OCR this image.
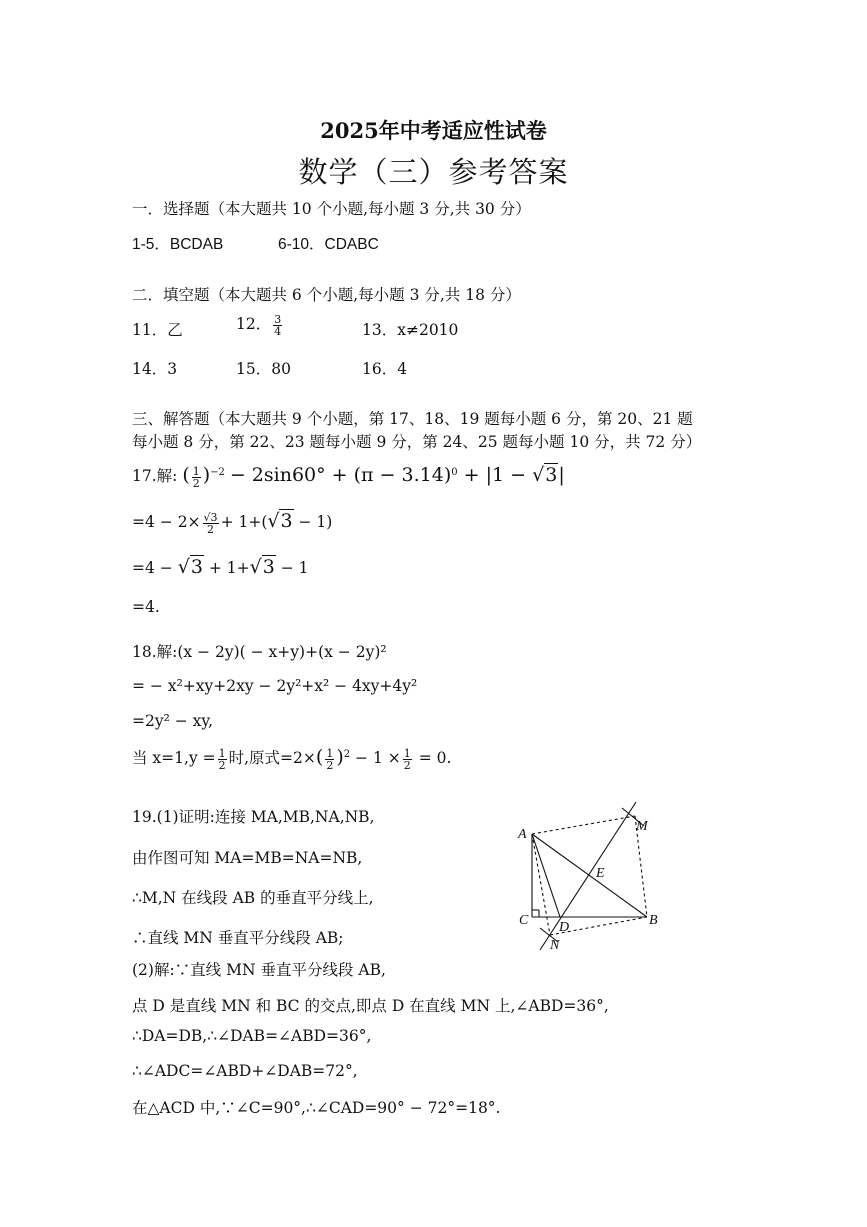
2025年中考适应性试卷
数学（三）参考答案
一．选择题（本大题共 10 个小题,每小题 3 分,共 30 分）
1-5．BCDAB	6-10．CDABC
二．填空题（本大题共 6 个小题,每小题 3 分,共 18 分）
11．乙	12． $\frac{3}{4}$	13．x≠2010
14．3	15．80	16．4
三、解答题（本大题共 9 个小题，第 17、18、19 题每小题 6 分，第 20、21 题
每小题 8 分，第 22、23 题每小题 9 分，第 24、25 题每小题 10 分，共 72 分）
17.解: ( $\frac{1}{2} )^{-2} - 2\sin 60^\circ + (\pi - 3.14)^0 + |1 - √3|$
$=4 - 2\times \frac{√3}{2} + 1+(√3 - 1)$
=4 − √3 + 1+√3 − 1
=4.
18.解:(x − 2y)( − x+y)+(x − 2y)²
= − x²+xy+2xy − 2y²+x² − 4xy+4y²
=2y² − xy,
当 $x=1,y = \frac{1}{2}$ 时,原式$=2\times( \frac{1}{2} )^2 - 1 \times \frac{1}{2} = 0$.
19.(1)证明:连接 MA,MB,NA,NB,
由作图可知 MA=MB=NA=NB,
∴M,N 在线段 AB 的垂直平分线上,
∴直线 MN 垂直平分线段 AB;
(2)解:∵直线 MN 垂直平分线段 AB,
点 D 是直线 MN 和 BC 的交点,即点 D 在直线 MN 上,∠ABD=36°,
∴DA=DB,∴∠DAB=∠ABD=36°,
∴∠ADC=∠ABD+∠DAB=72°,
在△ACD 中,∵∠C=90°,∴∠CAD=90° − 72°=18°.
A
M
E
C D	B
N
